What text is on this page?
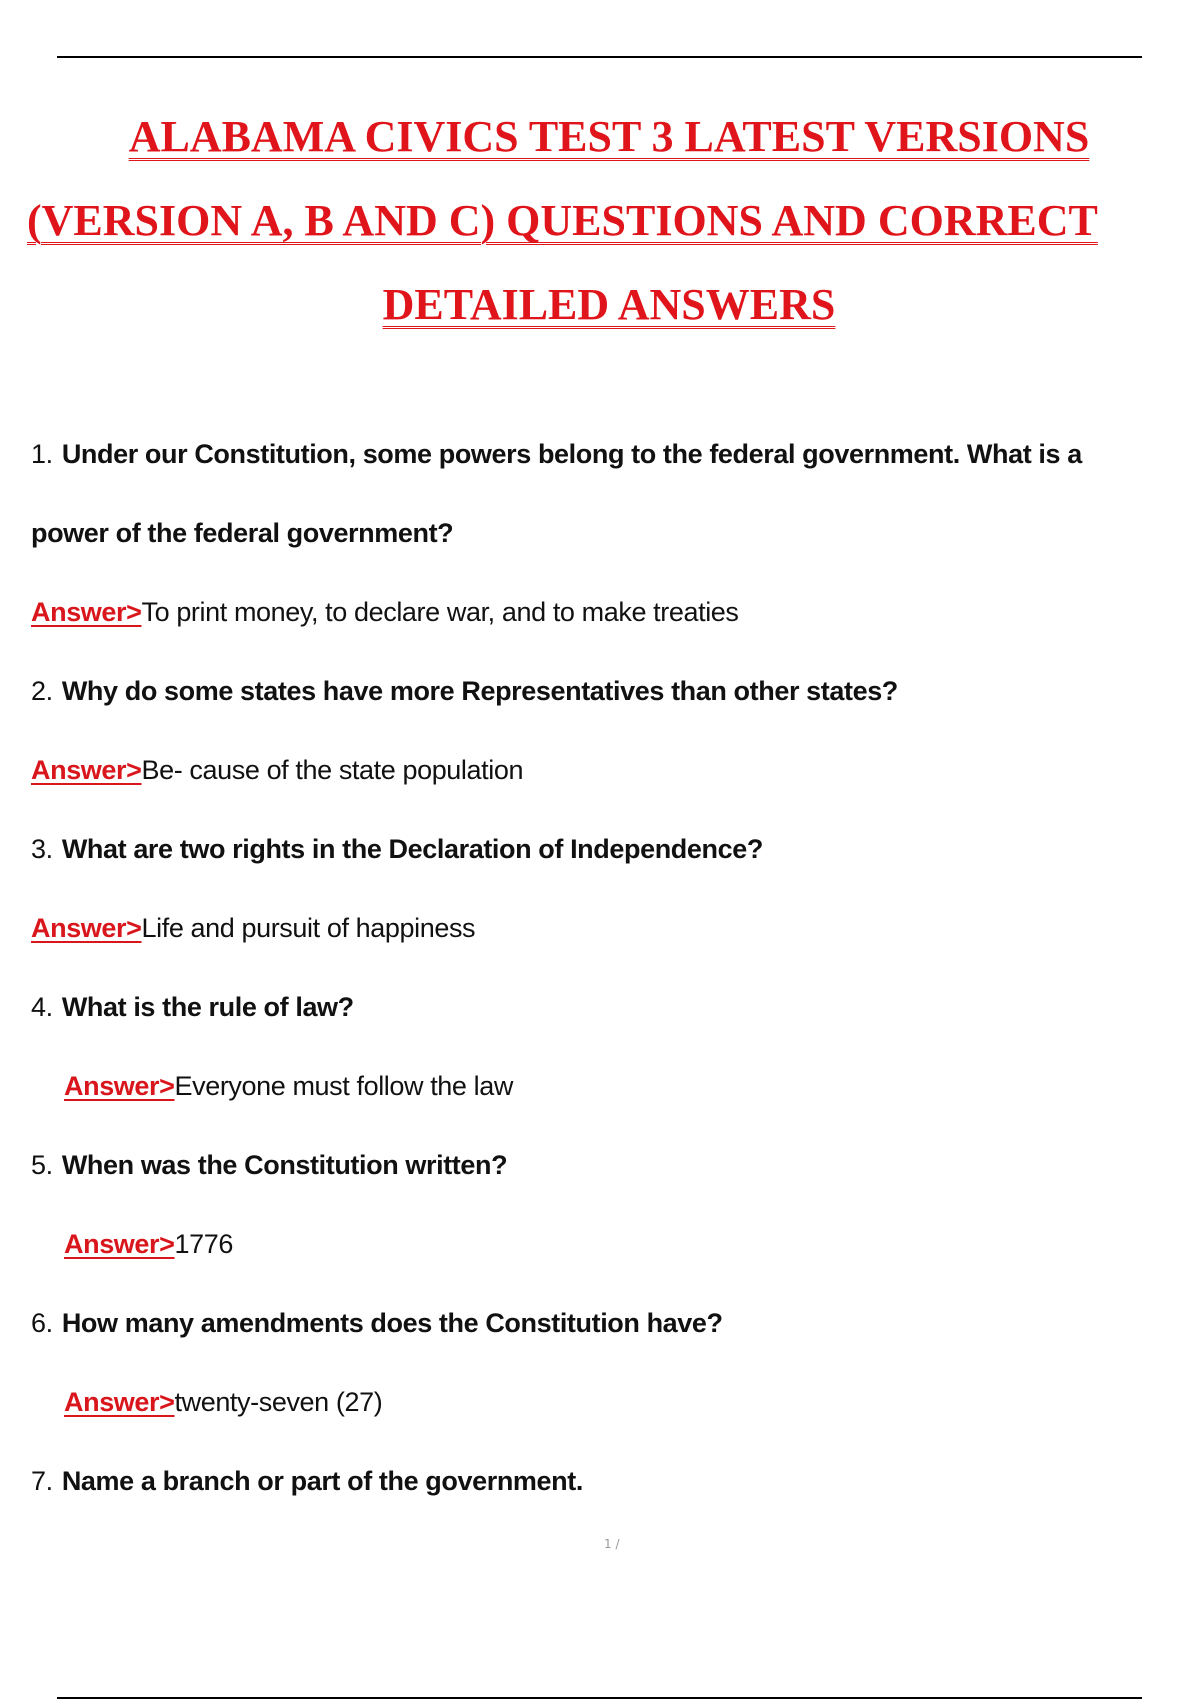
ALABAMA CIVICS TEST 3 LATEST VERSIONS
(VERSION A, B AND C) QUESTIONS AND CORRECT
DETAILED ANSWERS
1. Under our Constitution, some powers belong to the federal government. What is a
power of the federal government?
Answer>To print money, to declare war, and to make treaties
2. Why do some states have more Representatives than other states?
Answer>Be- cause of the state population
3. What are two rights in the Declaration of Independence?
Answer>Life and pursuit of happiness
4. What is the rule of law?
Answer>Everyone must follow the law
5. When was the Constitution written?
Answer>1776
6. How many amendments does the Constitution have?
Answer>twenty-seven (27)
7. Name a branch or part of the government.
1 /
